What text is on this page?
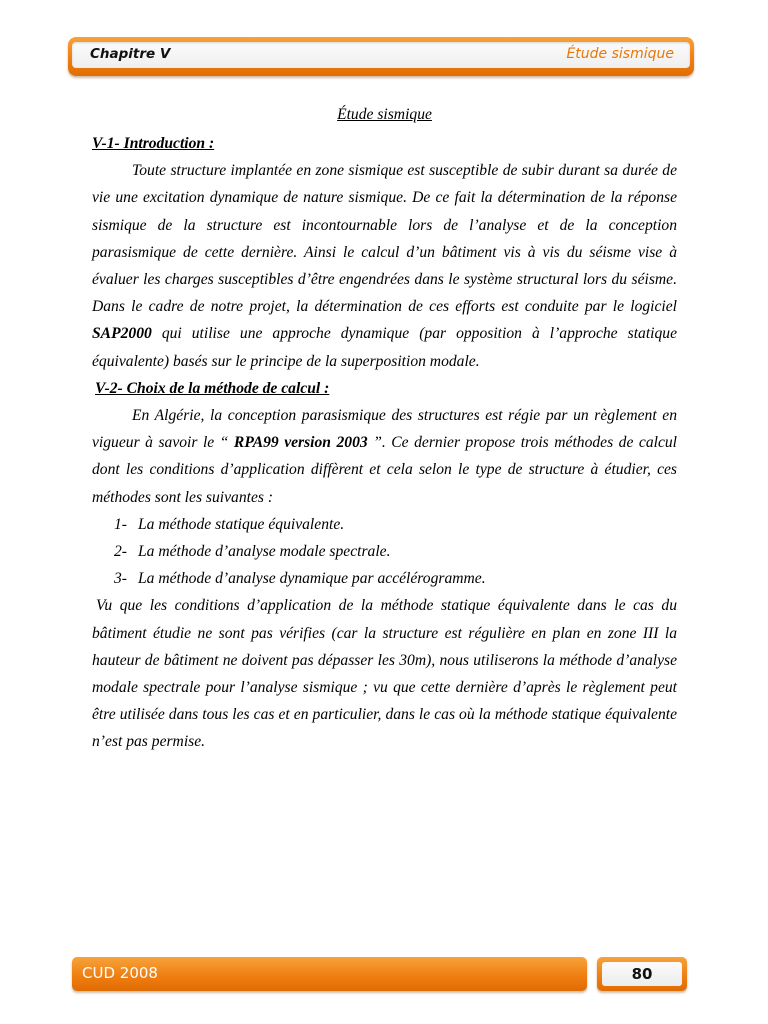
Chapitre V	Étude sismique

Étude sismique

V-1- Introduction :

Toute structure implantée en zone sismique est susceptible de subir durant sa durée de vie une excitation dynamique de nature sismique. De ce fait la détermination de la réponse sismique de la structure est incontournable lors de l’analyse et de la conception parasismique de cette dernière. Ainsi le calcul d’un bâtiment vis à vis du séisme vise à évaluer les charges susceptibles d’être engendrées dans le système structural lors du séisme. Dans le cadre de notre projet, la détermination de ces efforts est conduite par le logiciel SAP2000 qui utilise une approche dynamique (par opposition à l’approche statique équivalente) basés sur le principe de la superposition modale.

V-2- Choix de la méthode de calcul :

En Algérie, la conception parasismique des structures est régie par un règlement en vigueur à savoir le “ RPA99 version 2003 ”. Ce dernier propose trois méthodes de calcul dont les conditions d’application diffèrent et cela selon le type de structure à étudier, ces méthodes sont les suivantes :

1- La méthode statique équivalente.
2- La méthode d’analyse modale spectrale.
3- La méthode d’analyse dynamique par accélérogramme.

Vu que les conditions d’application de la méthode statique équivalente dans le cas du bâtiment étudie ne sont pas vérifies (car la structure est régulière en plan en zone III la hauteur de bâtiment ne doivent pas dépasser les 30m), nous utiliserons la méthode d’analyse modale spectrale pour l’analyse sismique ; vu que cette dernière d’après le règlement peut être utilisée dans tous les cas et en particulier, dans le cas où la méthode statique équivalente n’est pas permise.

CUD 2008	80
